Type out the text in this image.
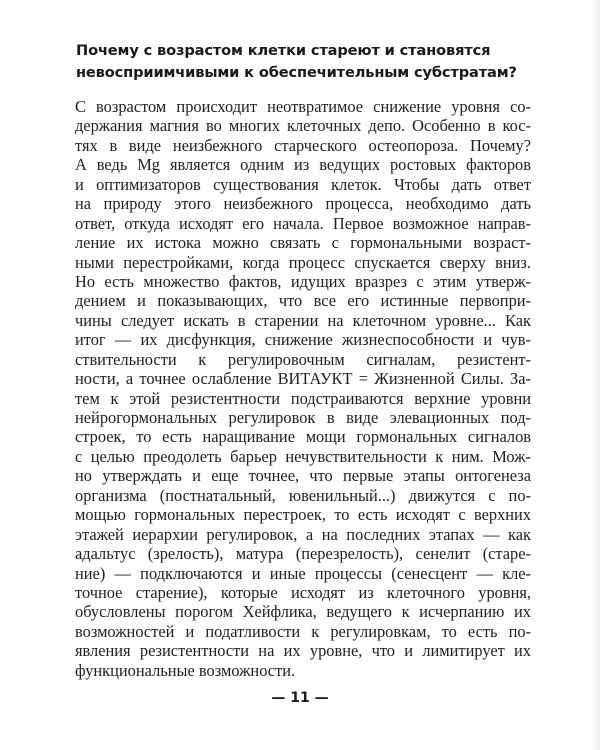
Почему с возрастом клетки стареют и становятся
невосприимчивыми к обеспечительным субстратам?
С возрастом происходит неотвратимое снижение уровня со-
держания магния во многих клеточных депо. Особенно в кос-
тях в виде неизбежного старческого остеопороза. Почему?
А ведь Mg является одним из ведущих ростовых факторов
и оптимизаторов существования клеток. Чтобы дать ответ
на природу этого неизбежного процесса, необходимо дать
ответ, откуда исходят его начала. Первое возможное направ-
ление их истока можно связать с гормональными возраст-
ными перестройками, когда процесс спускается сверху вниз.
Но есть множество фактов, идущих вразрез с этим утверж-
дением и показывающих, что все его истинные первопри-
чины следует искать в старении на клеточном уровне... Как
итог — их дисфункция, снижение жизнеспособности и чув-
ствительности к регулировочным сигналам, резистент-
ности, а точнее ослабление ВИТАУКТ = Жизненной Силы. За-
тем к этой резистентности подстраиваются верхние уровни
нейрогормональных регулировок в виде элевационных под-
строек, то есть наращивание мощи гормональных сигналов
с целью преодолеть барьер нечувствительности к ним. Мож-
но утверждать и еще точнее, что первые этапы онтогенеза
организма (постнатальный, ювенильный...) движутся с по-
мощью гормональных перестроек, то есть исходят с верхних
этажей иерархии регулировок, а на последних этапах — как
адальтус (зрелость), матура (перезрелость), сенелит (старе-
ние) — подключаются и иные процессы (сенесцент — кле-
точное старение), которые исходят из клеточного уровня,
обусловлены порогом Хейфлика, ведущего к исчерпанию их
возможностей и податливости к регулировкам, то есть по-
явления резистентности на их уровне, что и лимитирует их
функциональные возможности.
— 11 —
